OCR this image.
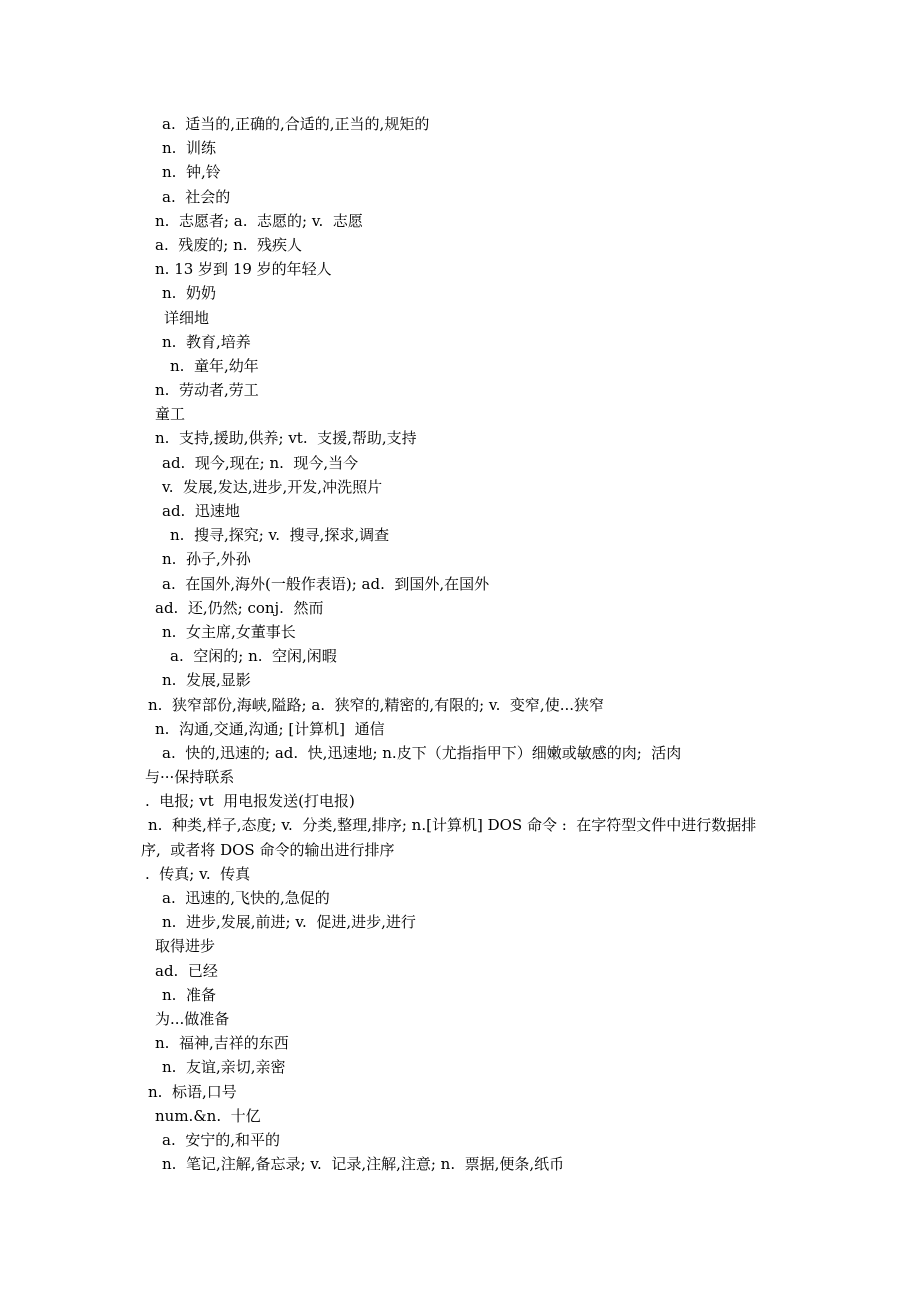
a.  适当的,正确的,合适的,正当的,规矩的
n.  训练
n.  钟,铃
a.  社会的
n.  志愿者; a.  志愿的; v.  志愿
a.  残废的; n.  残疾人
n. 13 岁到 19 岁的年轻人
n.  奶奶
详细地
n.  教育,培养
n.  童年,幼年
n.  劳动者,劳工
童工
n.  支持,援助,供养; vt.  支援,帮助,支持
ad.  现今,现在; n.  现今,当今
v.  发展,发达,进步,开发,冲洗照片
ad.  迅速地
n.  搜寻,探究; v.  搜寻,探求,调查
n.  孙子,外孙
a.  在国外,海外(一般作表语); ad.  到国外,在国外
ad.  还,仍然; conj.  然而
n.  女主席,女董事长
a.  空闲的; n.  空闲,闲暇
n.  发展,显影
n.  狭窄部份,海峡,隘路; a.  狭窄的,精密的,有限的; v.  变窄,使...狭窄
n.  沟通,交通,沟通; [计算机]  通信
a.  快的,迅速的; ad.  快,迅速地; n.皮下（尤指指甲下）细嫩或敏感的肉;  活肉
与···保持联系
.  电报; vt  用电报发送(打电报)
n.  种类,样子,态度; v.  分类,整理,排序; n.[计算机] DOS 命令 :  在字符型文件中进行数据排
序,  或者将 DOS 命令的输出进行排序
.  传真; v.  传真
a.  迅速的,飞快的,急促的
n.  进步,发展,前进; v.  促进,进步,进行
取得进步
ad.  已经
n.  准备
为...做准备
n.  福神,吉祥的东西
n.  友谊,亲切,亲密
n.  标语,口号
num.&n.  十亿
a.  安宁的,和平的
n.  笔记,注解,备忘录; v.  记录,注解,注意; n.  票据,便条,纸币
